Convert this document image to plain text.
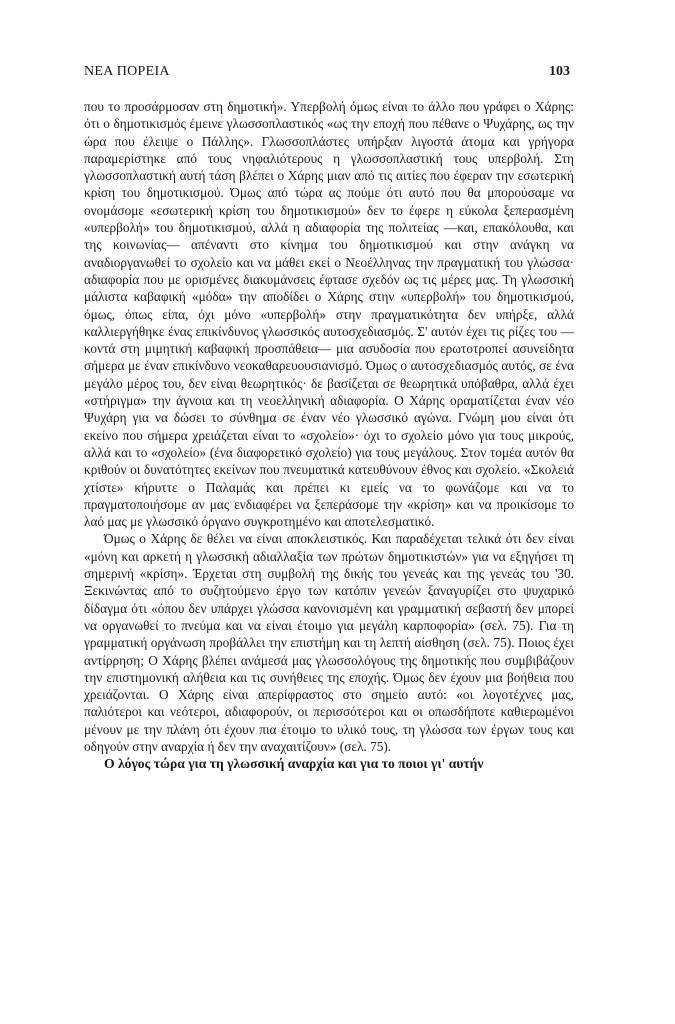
ΝΕΑ ΠΟΡΕΙΑ	103

που το προσάρμοσαν στη δημοτική». Υπερβολή όμως είναι το άλλο που γράφει ο Χάρης: ότι ο δημοτικισμός έμεινε γλωσσοπλαστικός «ως την εποχή που πέθανε ο Ψυχάρης, ως την ώρα που έλειψε ο Πάλλης». Γλωσσοπλάστες υπήρξαν λιγοστά άτομα και γρήγορα παραμερίστηκε από τους νηφαλιότερους η γλωσσοπλαστική τους υπερβολή. Στη γλωσσοπλαστική αυτή τάση βλέπει ο Χάρης μιαν από τις αιτίες που έφεραν την εσωτερική κρίση του δημοτικισμού. Όμως από τώρα ας πούμε ότι αυτό που θα μπορούσαμε να ονομάσομε «εσωτερική κρίση του δημοτικισμού» δεν το έφερε η εύκολα ξεπερασμένη «υπερβολή» του δημοτικισμού, αλλά η αδιαφορία της πολιτείας —και, επακόλουθα, και της κοινωνίας— απέναντι στο κίνημα του δημοτικισμού και στην ανάγκη να αναδιοργανωθεί το σχολείο και να μάθει εκεί ο Νεοέλληνας την πραγματική του γλώσσα· αδιαφορία που με ορισμένες διακυμάνσεις έφτασε σχεδόν ως τις μέρες μας. Τη γλωσσική μάλιστα καβαφική «μόδα» την αποδίδει ο Χάρης στην «υπερβολή» του δημοτικισμού, όμως, όπως είπα, όχι μόνο «υπερβολή» στην πραγματικότητα δεν υπήρξε, αλλά καλλιεργήθηκε ένας επικίνδυνος γλωσσικός αυτοσχεδιασμός. Σ' αυτόν έχει τις ρίζες του —κοντά στη μιμητική καβαφική προσπάθεια— μια ασυδοσία που ερωτοτροπεί ασυνείδητα σήμερα με έναν επικίνδυνο νεοκαθαρευουσιανισμό. Όμως ο αυτοσχεδιασμός αυτός, σε ένα μεγάλο μέρος του, δεν είναι θεωρητικός· δε βασίζεται σε θεωρητικά υπόβαθρα, αλλά έχει «στήριγμα» την άγνοια και τη νεοελληνική αδιαφορία. Ο Χάρης οραματίζεται έναν νέο Ψυχάρη για να δώσει το σύνθημα σε έναν νέο γλωσσικό αγώνα. Γνώμη μου είναι ότι εκείνο που σήμερα χρειάζεται είναι το «σχολείο»· όχι το σχολείο μόνο για τους μικρούς, αλλά και το «σχολείο» (ένα διαφορετικό σχολείο) για τους μεγάλους. Στον τομέα αυτόν θα κριθούν οι δυνατότητες εκείνων που πνευματικά κατευθύνουν έθνος και σχολείο. «Σκολειά χτίστε» κήρυττε ο Παλαμάς και πρέπει κι εμείς να το φωνάζομε και να το πραγματοποιήσομε αν μας ενδιαφέρει να ξεπεράσομε την «κρίση» και να προικίσομε το λαό μας με γλωσσικό όργανο συγκροτημένο και αποτελεσματικό.

Όμως ο Χάρης δε θέλει να είναι αποκλειστικός. Και παραδέχεται τελικά ότι δεν είναι «μόνη και αρκετή η γλωσσική αδιαλλαξία των πρώτων δημοτικιστών» για να εξηγήσει τη σημερινή «κρίση». Έρχεται στη συμβολή της δικής του γενεάς και της γενεάς του '30. Ξεκινώντας από το συζητούμενο έργο των κατόπιν γενεών ξαναγυρίζει στο ψυχαρικό δίδαγμα ότι «όπου δεν υπάρχει γλώσσα κανονισμένη και γραμματική σεβαστή δεν μπορεί να οργανωθεί το πνεύμα και να είναι έτοιμο για μεγάλη καρποφορία» (σελ. 75). Για τη γραμματική οργάνωση προβάλλει την επιστήμη και τη λεπτή αίσθηση (σελ. 75). Ποιος έχει αντίρρηση; Ο Χάρης βλέπει ανάμεσά μας γλωσσολόγους της δημοτικής που συμβιβάζουν την επιστημονική αλήθεια και τις συνήθειες της εποχής. Όμως δεν έχουν μια βοήθεια που χρειάζονται. Ο Χάρης είναι απερίφραστος στο σημείο αυτό: «οι λογοτέχνες μας, παλιότεροι και νεότεροι, αδιαφορούν, οι περισσότεροι και οι οπωσδήποτε καθιερωμένοι μένουν με την πλάνη ότι έχουν πια έτοιμο το υλικό τους, τη γλώσσα των έργων τους και οδηγούν στην αναρχία ή δεν την αναχαιτίζουν» (σελ. 75).

Ο λόγος τώρα για τη γλωσσική αναρχία και για το ποιοι γι' αυτήν
